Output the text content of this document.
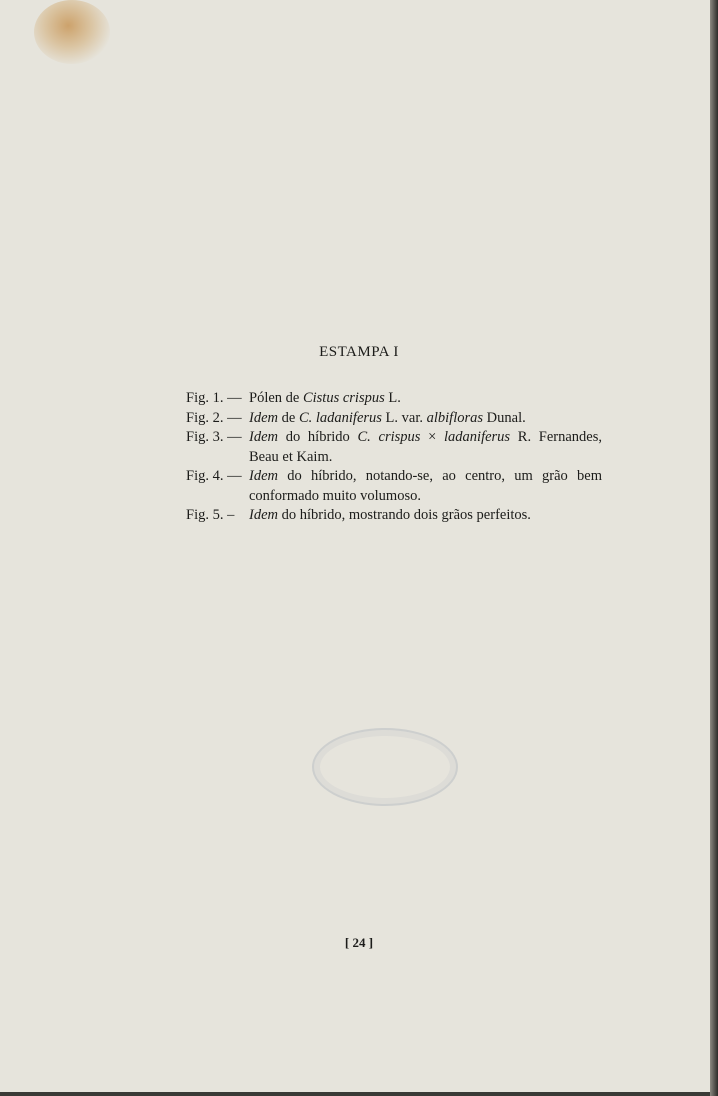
ESTAMPA I
Fig. 1. — Pólen de Cistus crispus L.
Fig. 2. — Idem de C. ladaniferus L. var. albifloras Dunal.
Fig. 3. — Idem do híbrido C. crispus × ladaniferus R. Fernandes, Beau et Kaim.
Fig. 4. — Idem do híbrido, notando-se, ao centro, um grão bem conformado muito volumoso.
Fig. 5. – Idem do híbrido, mostrando dois grãos perfeitos.
[ 24 ]
